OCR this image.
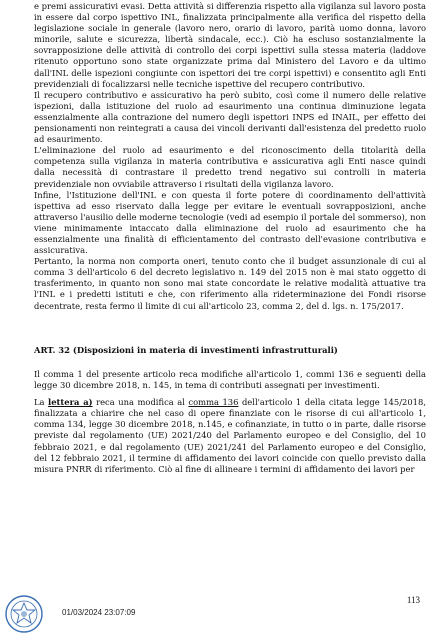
e premi assicurativi evasi. Detta attività si differenzia rispetto alla vigilanza sul lavoro posta in essere dal corpo ispettivo INL, finalizzata principalmente alla verifica del rispetto della legislazione sociale in generale (lavoro nero, orario di lavoro, parità uomo donna, lavoro minorile, salute e sicurezza, libertà sindacale, ecc.). Ciò ha escluso sostanzialmente la sovrapposizione delle attività di controllo dei corpi ispettivi sulla stessa materia (laddove ritenuto opportuno sono state organizzate prima dal Ministero del Lavoro e da ultimo dall'INL delle ispezioni congiunte con ispettori dei tre corpi ispettivi) e consentito agli Enti previdenziali di focalizzarsi nelle tecniche ispettive del recupero contributivo.

Il recupero contributivo e assicurativo ha però subito, così come il numero delle relative ispezioni, dalla istituzione del ruolo ad esaurimento una continua diminuzione legata essenzialmente alla contrazione del numero degli ispettori INPS ed INAIL, per effetto dei pensionamenti non reintegrati a causa dei vincoli derivanti dall'esistenza del predetto ruolo ad esaurimento.

L'eliminazione del ruolo ad esaurimento e del riconoscimento della titolarità della competenza sulla vigilanza in materia contributiva e assicurativa agli Enti nasce quindi dalla necessità di contrastare il predetto trend negativo sui controlli in materia previdenziale non ovviabile attraverso i risultati della vigilanza lavoro.

Infine, l'Istituzione dell'INL e con questa il forte potere di coordinamento dell'attività ispettiva ad esso riservato dalla legge per evitare le eventuali sovrapposizioni, anche attraverso l'ausilio delle moderne tecnologie (vedi ad esempio il portale del sommerso), non viene minimamente intaccato dalla eliminazione del ruolo ad esaurimento che ha essenzialmente una finalità di efficientamento del contrasto dell'evasione contributiva e assicurativa.

Pertanto, la norma non comporta oneri, tenuto conto che il budget assunzionale di cui al comma 3 dell'articolo 6 del decreto legislativo n. 149 del 2015 non è mai stato oggetto di trasferimento, in quanto non sono mai state concordate le relative modalità attuative tra l'INL e i predetti istituti e che, con riferimento alla rideterminazione dei Fondi risorse decentrate, resta fermo il limite di cui all'articolo 23, comma 2, del d. lgs. n. 175/2017.

ART. 32 (Disposizioni in materia di investimenti infrastrutturali)

Il comma 1 del presente articolo reca modifiche all'articolo 1, commi 136 e seguenti della legge 30 dicembre 2018, n. 145, in tema di contributi assegnati per investimenti.

La lettera a) reca una modifica al comma 136 dell'articolo 1 della citata legge 145/2018, finalizzata a chiarire che nel caso di opere finanziate con le risorse di cui all'articolo 1, comma 134, legge 30 dicembre 2018, n.145, e cofinanziate, in tutto o in parte, dalle risorse previste dal regolamento (UE) 2021/240 del Parlamento europeo e del Consiglio, del 10 febbraio 2021, e dal regolamento (UE) 2021/241 del Parlamento europeo e del Consiglio, del 12 febbraio 2021, il termine di affidamento dei lavori coincide con quello previsto dalla misura PNRR di riferimento. Ciò al fine di allineare i termini di affidamento dei lavori per

113
01/03/2024 23:07:09
